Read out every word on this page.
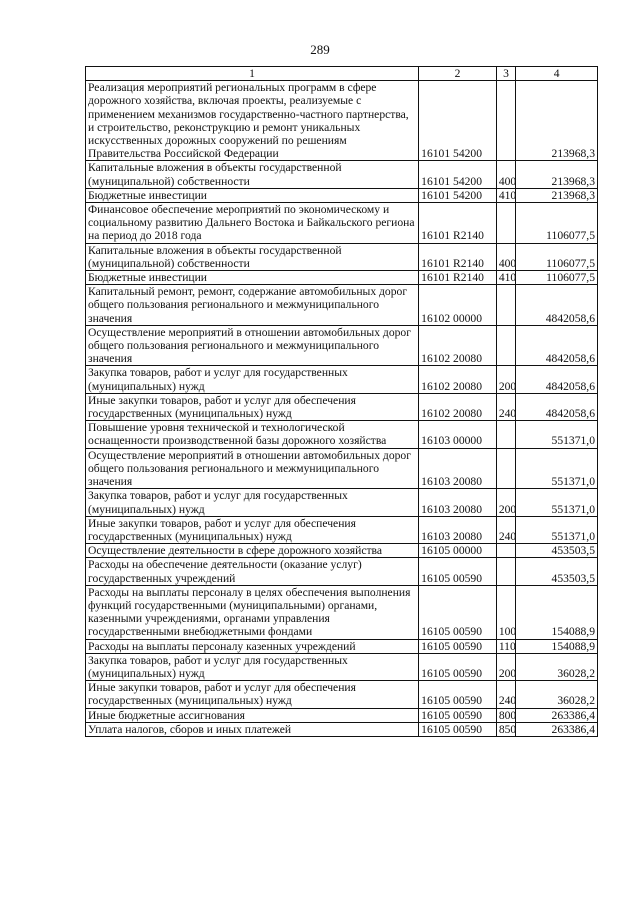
289
1	2	3	4
Реализация мероприятий региональных программ в сфере дорожного хозяйства, включая проекты, реализуемые с применением механизмов государственно-частного партнерства, и строительство, реконструкцию и ремонт уникальных искусственных дорожных сооружений по решениям Правительства Российской Федерации	16101 54200		213968,3
Капитальные вложения в объекты государственной (муниципальной) собственности	16101 54200	400	213968,3
Бюджетные инвестиции	16101 54200	410	213968,3
Финансовое обеспечение мероприятий по экономическому и социальному развитию Дальнего Востока и Байкальского региона на период до 2018 года	16101 R2140		1106077,5
Капитальные вложения в объекты государственной (муниципальной) собственности	16101 R2140	400	1106077,5
Бюджетные инвестиции	16101 R2140	410	1106077,5
Капитальный ремонт, ремонт, содержание автомобильных дорог общего пользования регионального и межмуниципального значения	16102 00000		4842058,6
Осуществление мероприятий в отношении автомобильных дорог общего пользования регионального и межмуниципального значения	16102 20080		4842058,6
Закупка товаров, работ и услуг для государственных (муниципальных) нужд	16102 20080	200	4842058,6
Иные закупки товаров, работ и услуг для обеспечения государственных (муниципальных) нужд	16102 20080	240	4842058,6
Повышение уровня технической и технологической оснащенности производственной базы дорожного хозяйства	16103 00000		551371,0
Осуществление мероприятий в отношении автомобильных дорог общего пользования регионального и межмуниципального значения	16103 20080		551371,0
Закупка товаров, работ и услуг для государственных (муниципальных) нужд	16103 20080	200	551371,0
Иные закупки товаров, работ и услуг для обеспечения государственных (муниципальных) нужд	16103 20080	240	551371,0
Осуществление деятельности в сфере дорожного хозяйства	16105 00000		453503,5
Расходы на обеспечение деятельности (оказание услуг) государственных учреждений	16105 00590		453503,5
Расходы на выплаты персоналу в целях обеспечения выполнения функций государственными (муниципальными) органами, казенными учреждениями, органами управления государственными внебюджетными фондами	16105 00590	100	154088,9
Расходы на выплаты персоналу казенных учреждений	16105 00590	110	154088,9
Закупка товаров, работ и услуг для государственных (муниципальных) нужд	16105 00590	200	36028,2
Иные закупки товаров, работ и услуг для обеспечения государственных (муниципальных) нужд	16105 00590	240	36028,2
Иные бюджетные ассигнования	16105 00590	800	263386,4
Уплата налогов, сборов и иных платежей	16105 00590	850	263386,4
